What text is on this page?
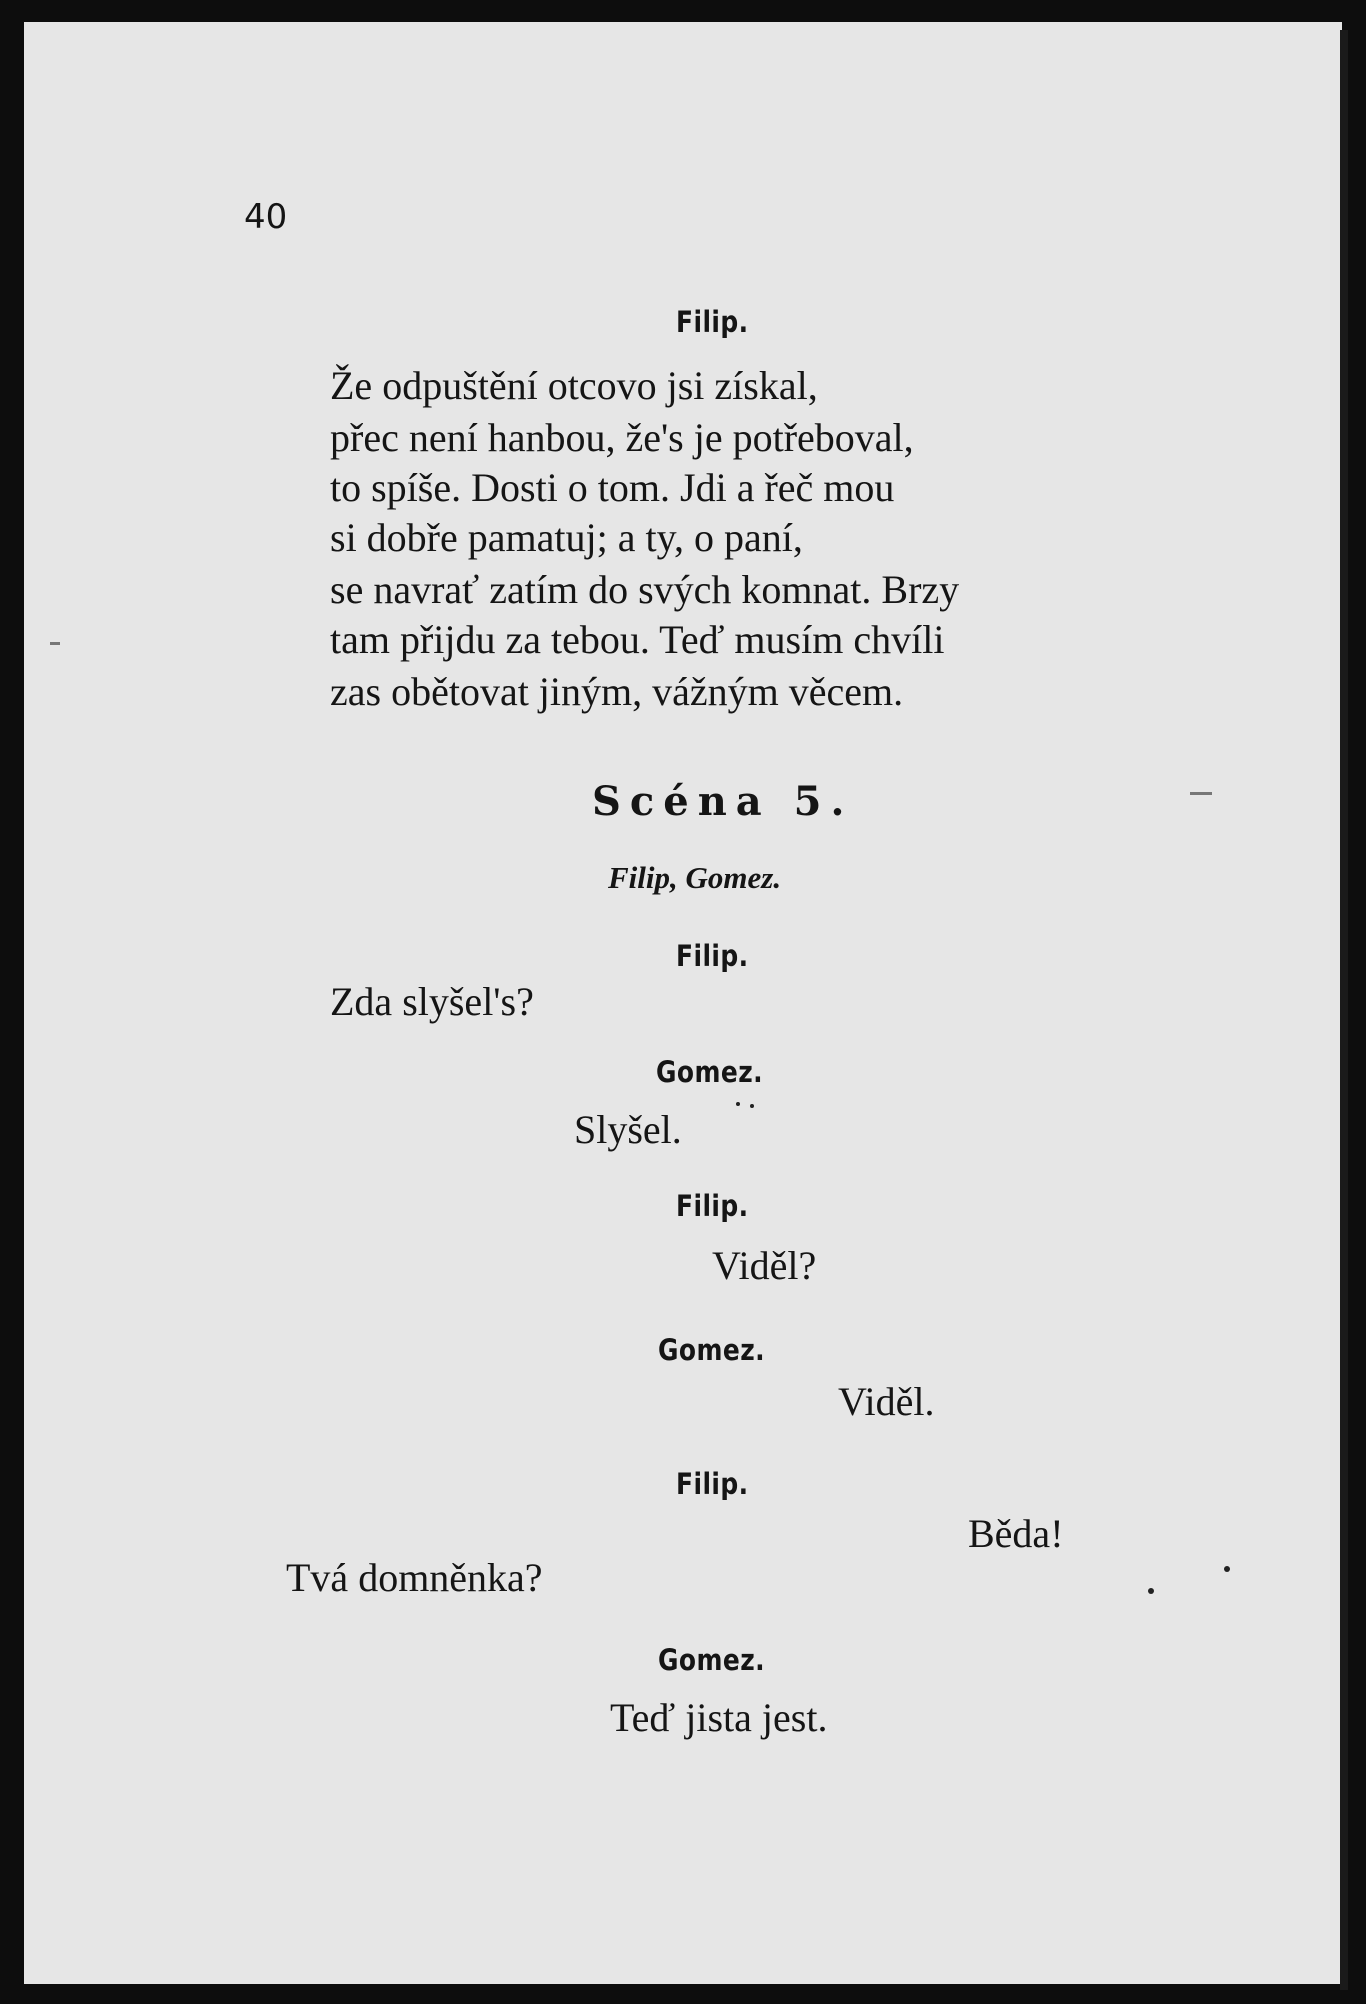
40
Filip.
Že odpuštění otcovo jsi získal,
přec není hanbou, že's je potřeboval,
to spíše. Dosti o tom. Jdi a řeč mou
si dobře pamatuj; a ty, o paní,
se navrať zatím do svých komnat. Brzy
tam přijdu za tebou. Teď musím chvíli
zas obětovat jiným, vážným věcem.
Scéna 5.
Filip, Gomez.
Filip.
Zda slyšel's?
Gomez.
Slyšel.
Filip.
Viděl?
Gomez.
Viděl.
Filip.
Běda!
Tvá domněnka?
Gomez.
Teď jista jest.
